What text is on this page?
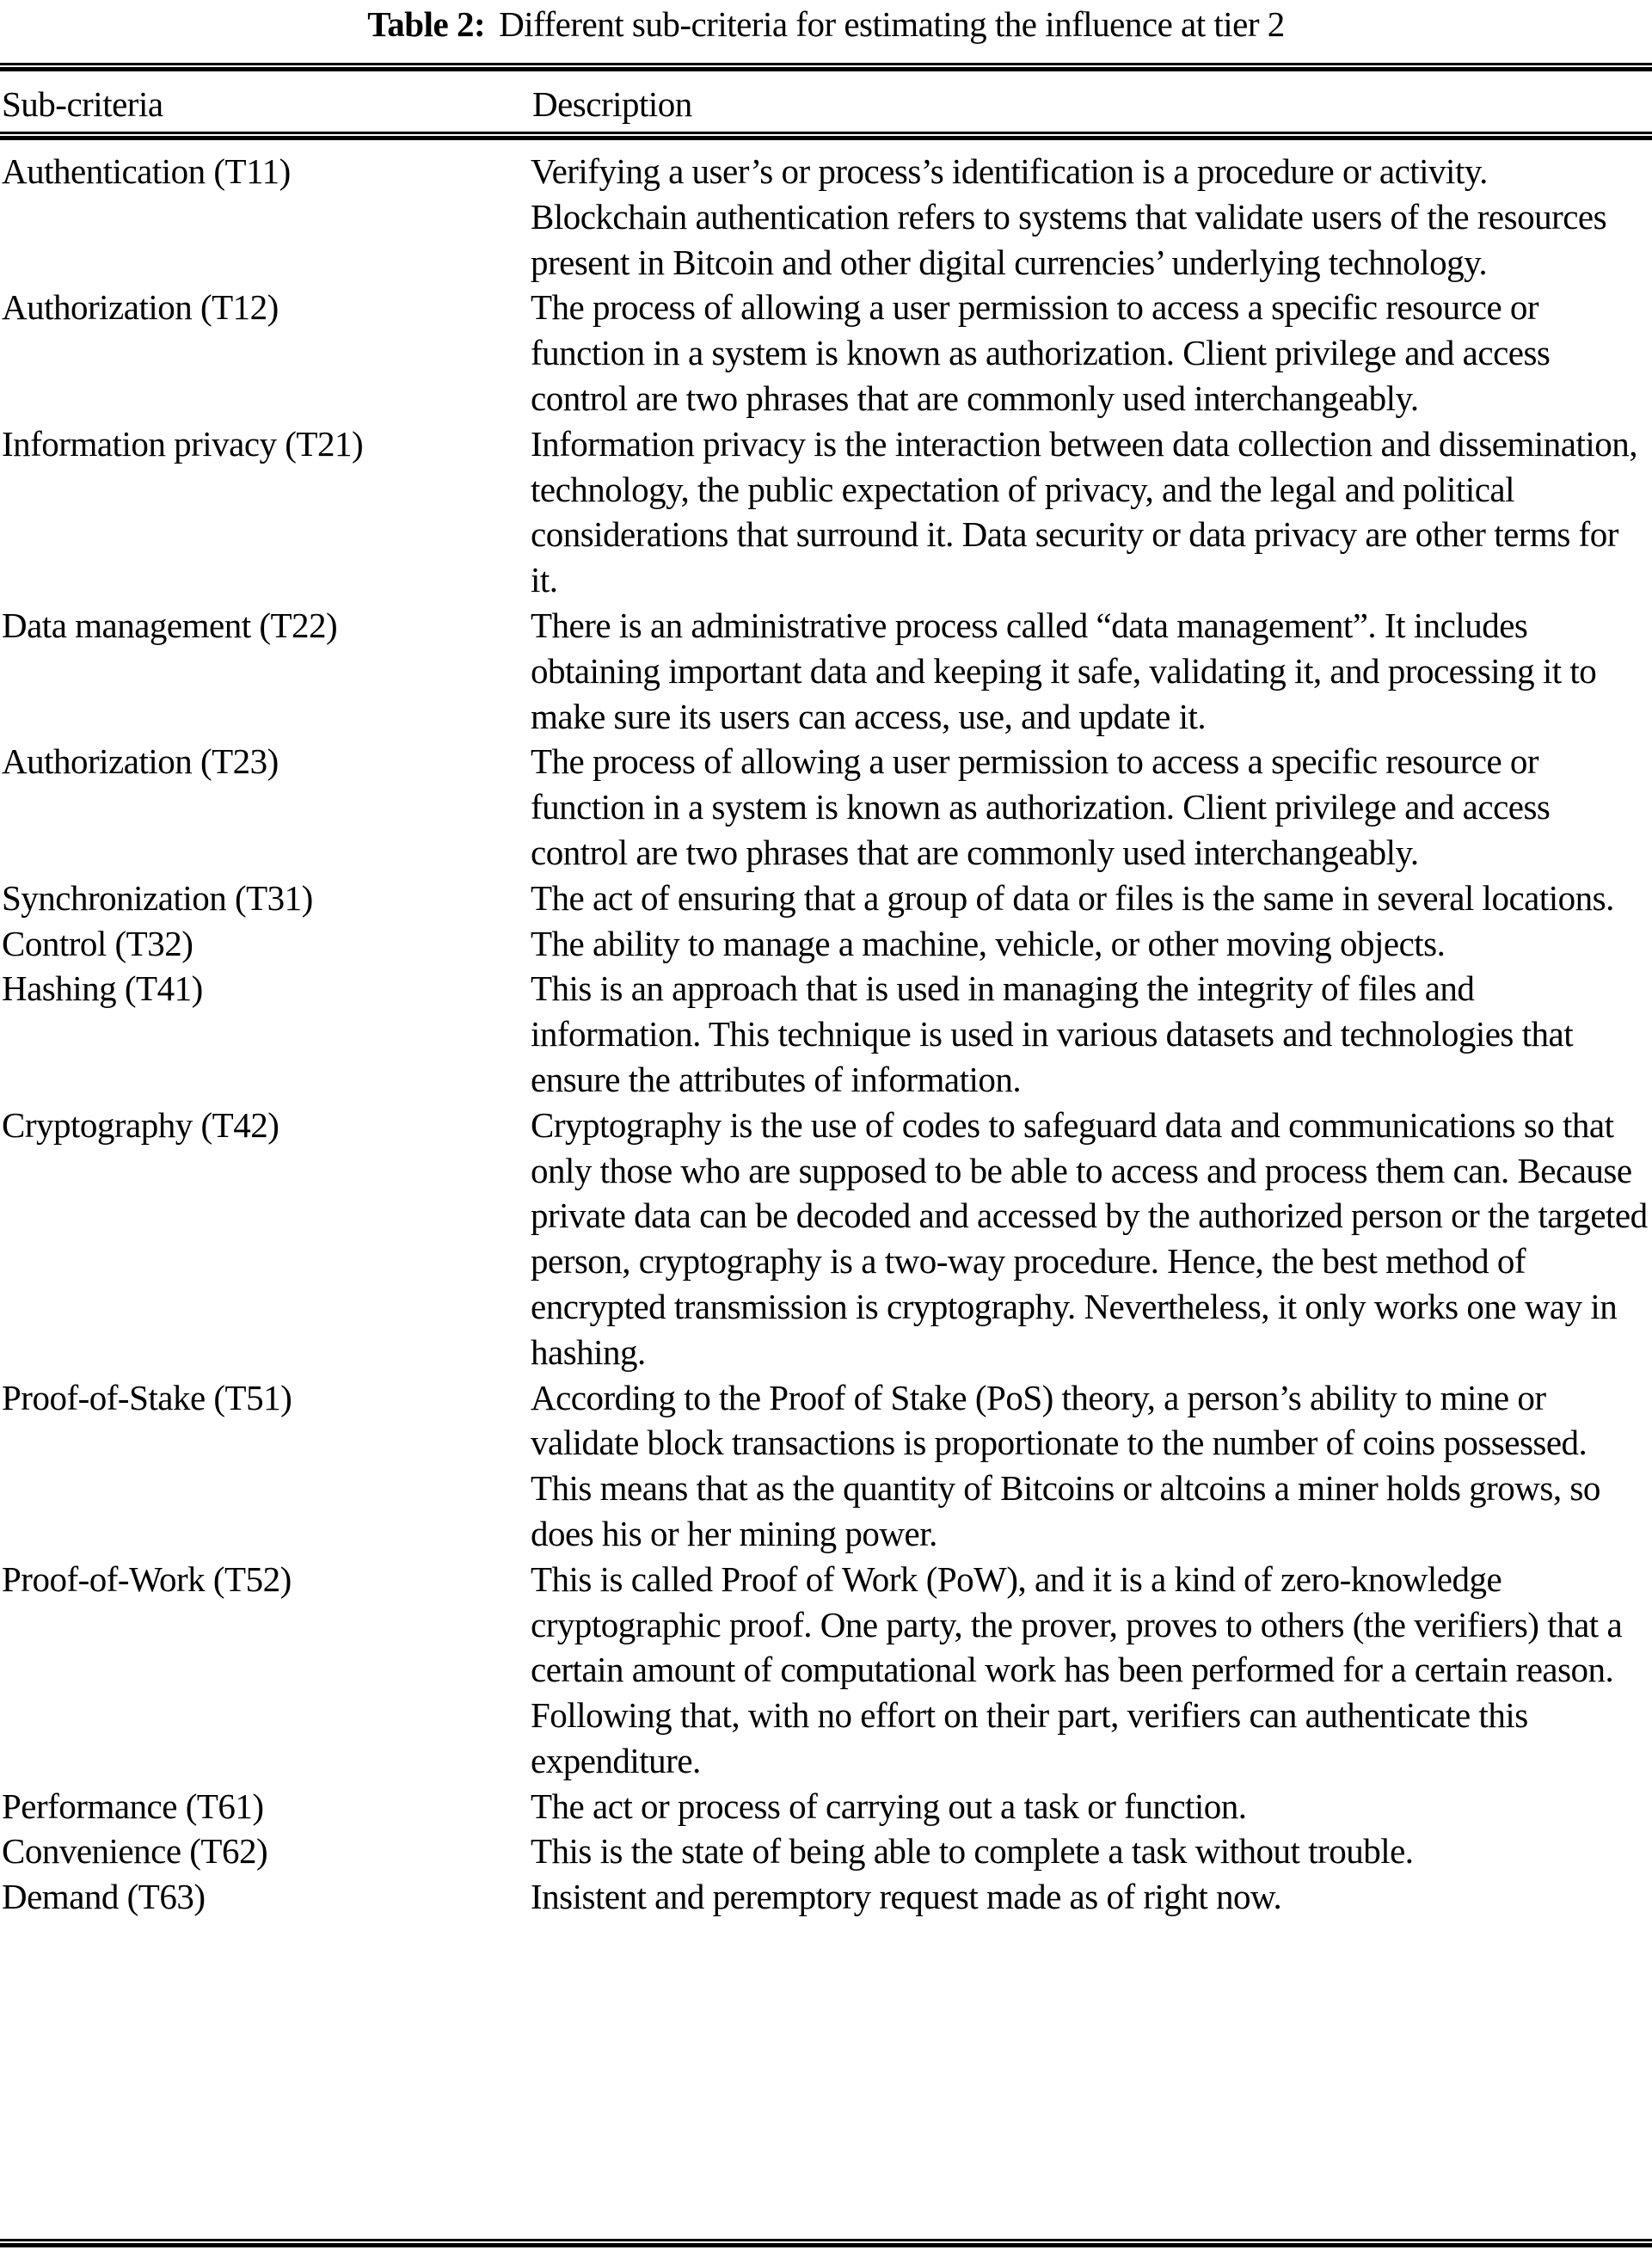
Table 2: Different sub-criteria for estimating the influence at tier 2
Sub-criteria	Description
Authentication (T11)	Verifying a user’s or process’s identification is a procedure or activity. Blockchain authentication refers to systems that validate users of the resources present in Bitcoin and other digital currencies’ underlying technology.
Authorization (T12)	The process of allowing a user permission to access a specific resource or function in a system is known as authorization. Client privilege and access control are two phrases that are commonly used interchangeably.
Information privacy (T21)	Information privacy is the interaction between data collection and dissemination, technology, the public expectation of privacy, and the legal and political considerations that surround it. Data security or data privacy are other terms for it.
Data management (T22)	There is an administrative process called “data management”. It includes obtaining important data and keeping it safe, validating it, and processing it to make sure its users can access, use, and update it.
Authorization (T23)	The process of allowing a user permission to access a specific resource or function in a system is known as authorization. Client privilege and access control are two phrases that are commonly used interchangeably.
Synchronization (T31)	The act of ensuring that a group of data or files is the same in several locations.
Control (T32)	The ability to manage a machine, vehicle, or other moving objects.
Hashing (T41)	This is an approach that is used in managing the integrity of files and information. This technique is used in various datasets and technologies that ensure the attributes of information.
Cryptography (T42)	Cryptography is the use of codes to safeguard data and communications so that only those who are supposed to be able to access and process them can. Because private data can be decoded and accessed by the authorized person or the targeted person, cryptography is a two-way procedure. Hence, the best method of encrypted transmission is cryptography. Nevertheless, it only works one way in hashing.
Proof-of-Stake (T51)	According to the Proof of Stake (PoS) theory, a person’s ability to mine or validate block transactions is proportionate to the number of coins possessed. This means that as the quantity of Bitcoins or altcoins a miner holds grows, so does his or her mining power.
Proof-of-Work (T52)	This is called Proof of Work (PoW), and it is a kind of zero-knowledge cryptographic proof. One party, the prover, proves to others (the verifiers) that a certain amount of computational work has been performed for a certain reason. Following that, with no effort on their part, verifiers can authenticate this expenditure.
Performance (T61)	The act or process of carrying out a task or function.
Convenience (T62)	This is the state of being able to complete a task without trouble.
Demand (T63)	Insistent and peremptory request made as of right now.
